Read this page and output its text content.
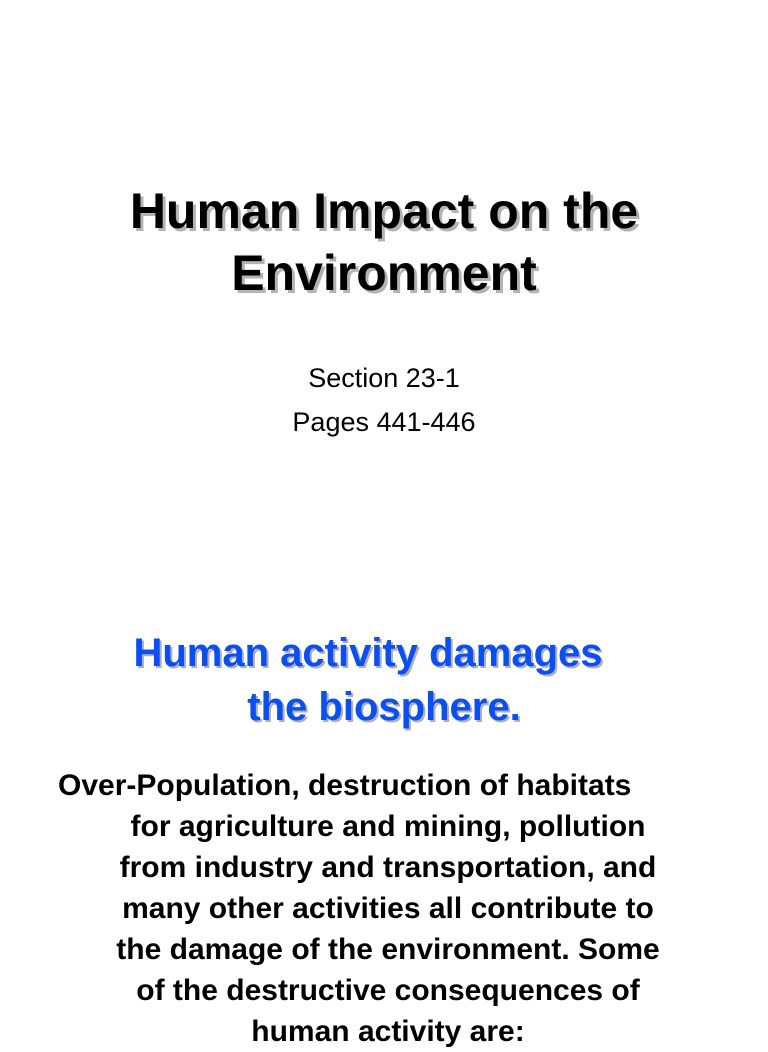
Human Impact on the
Environment
Section 23-1
Pages 441-446
Human activity damages
the biosphere.
Over-Population, destruction of habitats
for agriculture and mining, pollution
from industry and transportation, and
many other activities all contribute to
the damage of the environment. Some
of the destructive consequences of
human activity are:
